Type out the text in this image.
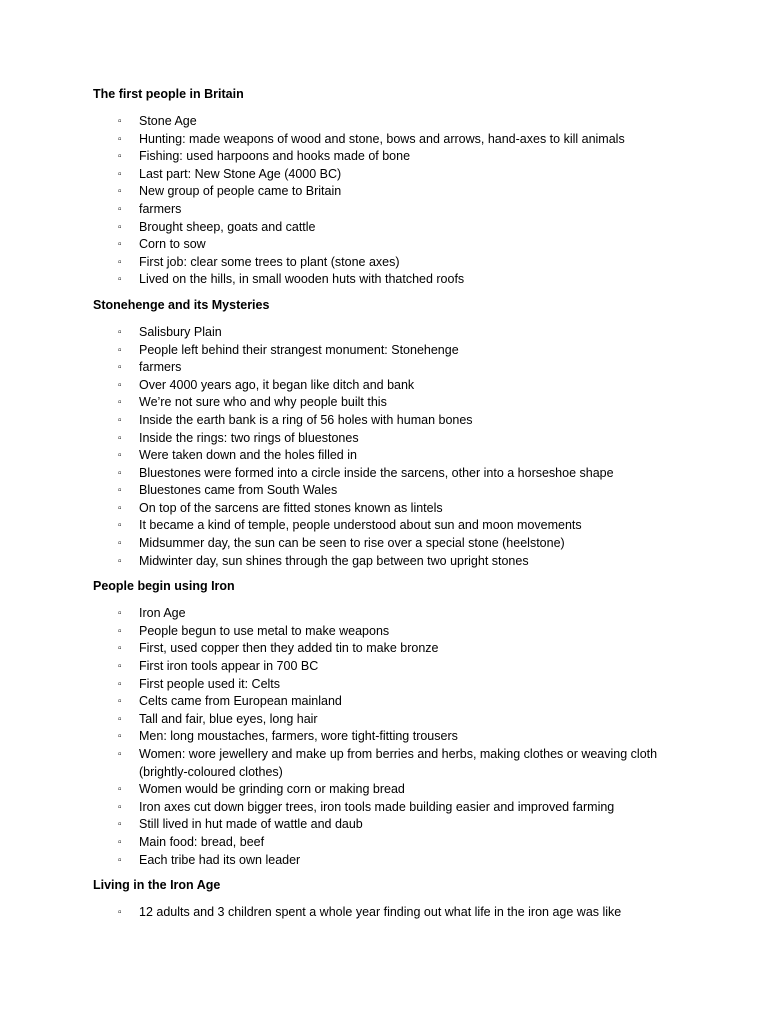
The first people in Britain
▫ Stone Age
▫ Hunting: made weapons of wood and stone, bows and arrows, hand-axes to kill animals
▫ Fishing: used harpoons and hooks made of bone
▫ Last part: New Stone Age (4000 BC)
▫ New group of people came to Britain
▫ farmers
▫ Brought sheep, goats and cattle
▫ Corn to sow
▫ First job: clear some trees to plant (stone axes)
▫ Lived on the hills, in small wooden huts with thatched roofs
Stonehenge and its Mysteries
▫ Salisbury Plain
▫ People left behind their strangest monument: Stonehenge
▫ farmers
▫ Over 4000 years ago, it began like ditch and bank
▫ We’re not sure who and why people built this
▫ Inside the earth bank is a ring of 56 holes with human bones
▫ Inside the rings: two rings of bluestones
▫ Were taken down and the holes filled in
▫ Bluestones were formed into a circle inside the sarcens, other into a horseshoe shape
▫ Bluestones came from South Wales
▫ On top of the sarcens are fitted stones known as lintels
▫ It became a kind of temple, people understood about sun and moon movements
▫ Midsummer day, the sun can be seen to rise over a special stone (heelstone)
▫ Midwinter day, sun shines through the gap between two upright stones
People begin using Iron
▫ Iron Age
▫ People begun to use metal to make weapons
▫ First, used copper then they added tin to make bronze
▫ First iron tools appear in 700 BC
▫ First people used it: Celts
▫ Celts came from European mainland
▫ Tall and fair, blue eyes, long hair
▫ Men: long moustaches, farmers, wore tight-fitting trousers
▫ Women: wore jewellery and make up from berries and herbs, making clothes or weaving cloth (brightly-coloured clothes)
▫ Women would be grinding corn or making bread
▫ Iron axes cut down bigger trees, iron tools made building easier and improved farming
▫ Still lived in hut made of wattle and daub
▫ Main food: bread, beef
▫ Each tribe had its own leader
Living in the Iron Age
▫ 12 adults and 3 children spent a whole year finding out what life in the iron age was like
